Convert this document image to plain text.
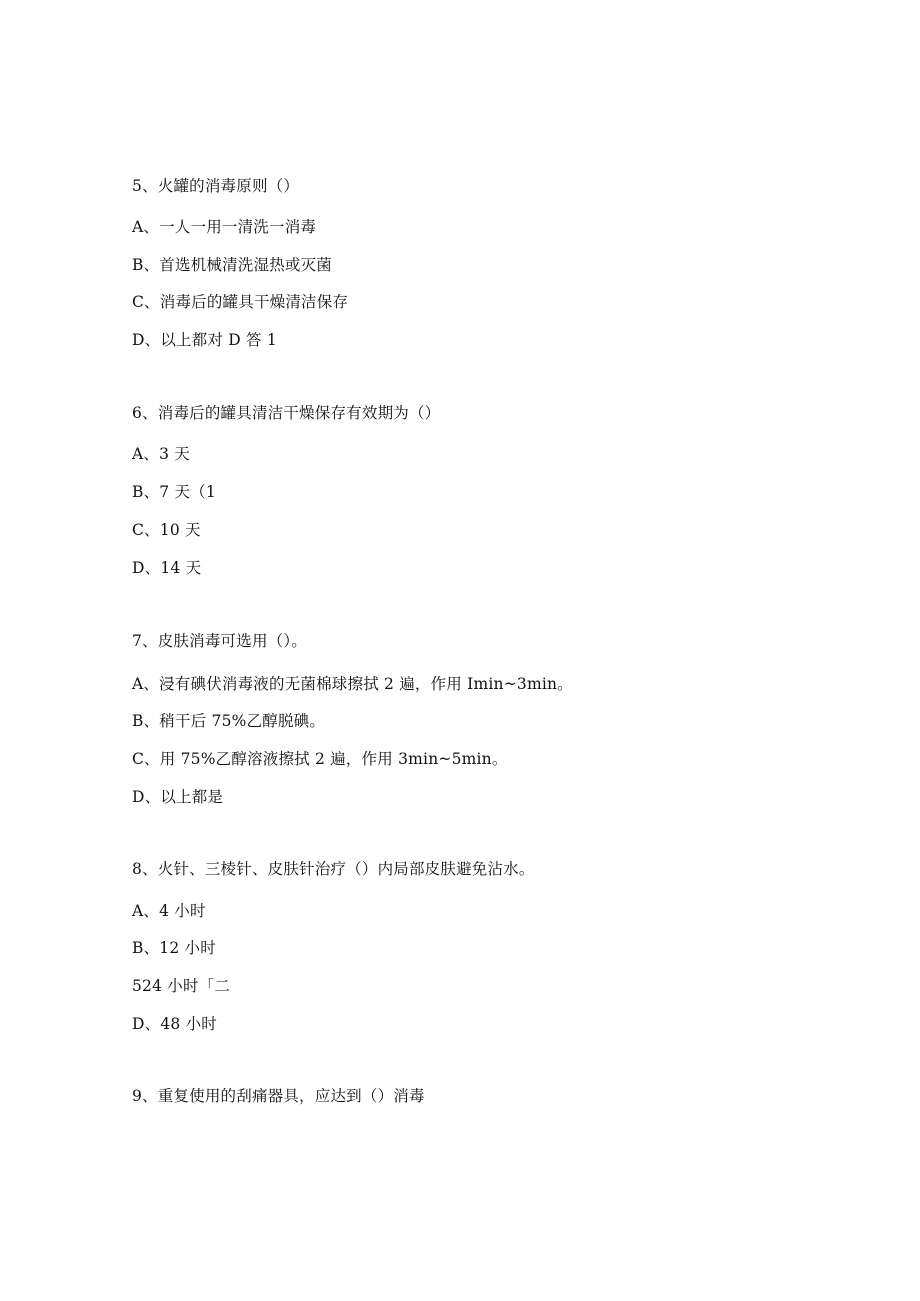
5、火罐的消毒原则（）
A、一人一用一清洗一消毒
B、首选机械清洗湿热或灭菌
C、消毒后的罐具干燥清洁保存
D、以上都对 D 答 1
6、消毒后的罐具清洁干燥保存有效期为（）
A、3 天
B、7 天（1
C、10 天
D、14 天
7、皮肤消毒可选用（）。
A、浸有碘伏消毒液的无菌棉球擦拭 2 遍，作用 Imin~3min。
B、稍干后 75%乙醇脱碘。
C、用 75%乙醇溶液擦拭 2 遍，作用 3min~5min。
D、以上都是
8、火针、三棱针、皮肤针治疗（）内局部皮肤避免沾水。
A、4 小时
B、12 小时
524 小时「二
D、48 小时
9、重复使用的刮痛器具，应达到（）消毒
